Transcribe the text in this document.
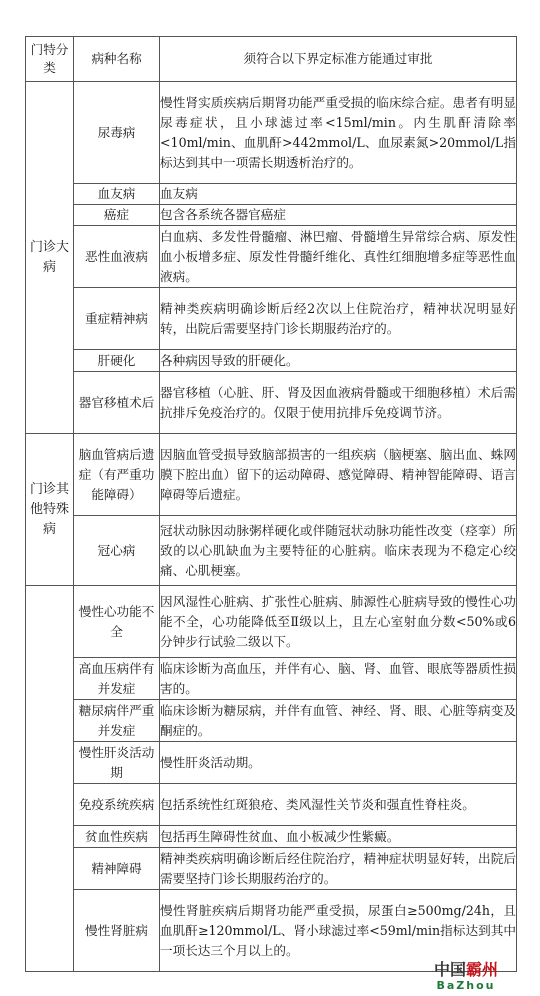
门特分类	病种名称	须符合以下界定标准方能通过审批
门诊大病	尿毒病	慢性肾实质疾病后期肾功能严重受损的临床综合症。患者有明显尿毒症状，且小球滤过率<15ml/min。内生肌酐清除率<10ml/min、血肌酐>442mmol/L、血尿素氮>20mmol/L指标达到其中一项需长期透析治疗的。
	血友病	血友病
	癌症	包含各系统各器官癌症
	恶性血液病	白血病、多发性骨髓瘤、淋巴瘤、骨髓增生异常综合病、原发性血小板增多症、原发性骨髓纤维化、真性红细胞增多症等恶性血液病。
	重症精神病	精神类疾病明确诊断后经2次以上住院治疗，精神状况明显好转，出院后需要坚持门诊长期服药治疗的。
	肝硬化	各种病因导致的肝硬化。
	器官移植术后	器官移植（心脏、肝、肾及因血液病骨髓或干细胞移植）术后需抗排斥免疫治疗的。仅限于使用抗排斥免疫调节济。
门诊其他特殊病	脑血管病后遗症（有严重功能障碍）	因脑血管受损导致脑部损害的一组疾病（脑梗塞、脑出血、蛛网膜下腔出血）留下的运动障碍、感觉障碍、精神智能障碍、语言障碍等后遗症。
	冠心病	冠状动脉因动脉粥样硬化或伴随冠状动脉功能性改变（痉挛）所致的以心肌缺血为主要特征的心脏病。临床表现为不稳定心绞痛、心肌梗塞。
	慢性心功能不全	因风湿性心脏病、扩张性心脏病、肺源性心脏病导致的慢性心功能不全，心功能降低至Ⅱ级以上，且左心室射血分数<50%或6分钟步行试验二级以下。
	高血压病伴有并发症	临床诊断为高血压，并伴有心、脑、肾、血管、眼底等器质性损害的。
	糖尿病伴严重并发症	临床诊断为糖尿病，并伴有血管、神经、肾、眼、心脏等病变及酮症的。
	慢性肝炎活动期	慢性肝炎活动期。
	免疫系统疾病	包括系统性红斑狼疮、类风湿性关节炎和强直性脊柱炎。
	贫血性疾病	包括再生障碍性贫血、血小板减少性紫癜。
	精神障碍	精神类疾病明确诊断后经住院治疗，精神症状明显好转，出院后需要坚持门诊长期服药治疗的。
	慢性肾脏病	慢性肾脏疾病后期肾功能严重受损，尿蛋白≥500mg/24h，且血肌酐≥120mmol/L、肾小球滤过率<59ml/min指标达到其中一项长达三个月以上的。
中国霸州
BaZhou
